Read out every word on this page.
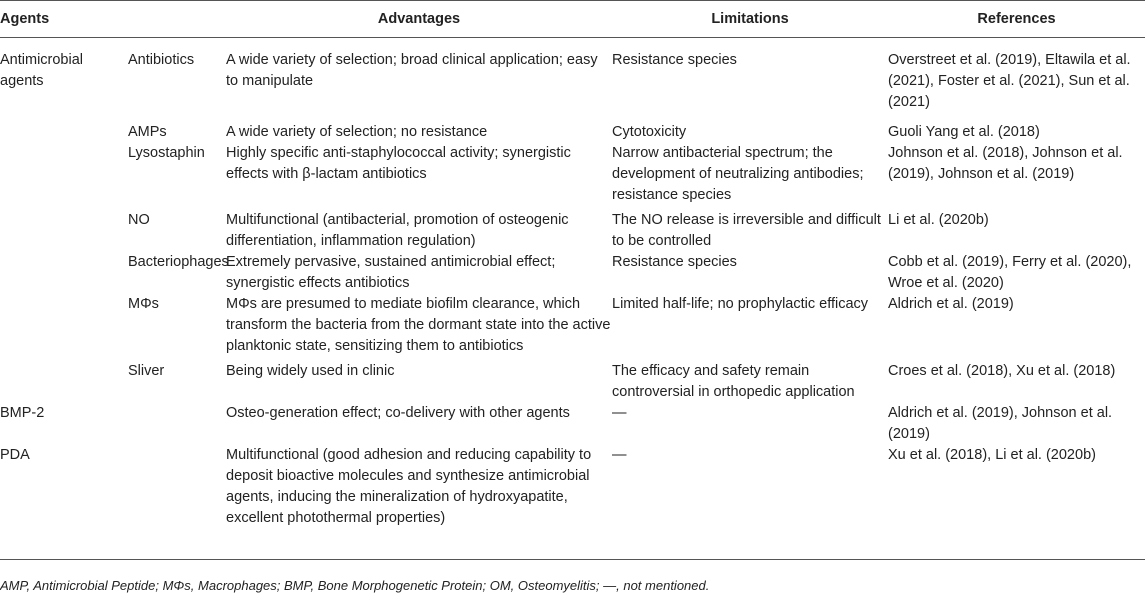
Agents		Advantages	Limitations	References
Antimicrobial agents	Antibiotics	A wide variety of selection; broad clinical application; easy to manipulate	Resistance species	Overstreet et al. (2019), Eltawila et al. (2021), Foster et al. (2021), Sun et al. (2021)
	AMPs	A wide variety of selection; no resistance	Cytotoxicity	Guoli Yang et al. (2018)
	Lysostaphin	Highly specific anti-staphylococcal activity; synergistic effects with β-lactam antibiotics	Narrow antibacterial spectrum; the development of neutralizing antibodies; resistance species	Johnson et al. (2018), Johnson et al. (2019), Johnson et al. (2019)
	NO	Multifunctional (antibacterial, promotion of osteogenic differentiation, inflammation regulation)	The NO release is irreversible and difficult to be controlled	Li et al. (2020b)
	Bacteriophages	Extremely pervasive, sustained antimicrobial effect; synergistic effects antibiotics	Resistance species	Cobb et al. (2019), Ferry et al. (2020), Wroe et al. (2020)
	MΦs	MΦs are presumed to mediate biofilm clearance, which transform the bacteria from the dormant state into the active planktonic state, sensitizing them to antibiotics	Limited half-life; no prophylactic efficacy	Aldrich et al. (2019)
	Sliver	Being widely used in clinic	The efficacy and safety remain controversial in orthopedic application	Croes et al. (2018), Xu et al. (2018)
BMP-2		Osteo-generation effect; co-delivery with other agents	—	Aldrich et al. (2019), Johnson et al. (2019)
PDA		Multifunctional (good adhesion and reducing capability to deposit bioactive molecules and synthesize antimicrobial agents, inducing the mineralization of hydroxyapatite, excellent photothermal properties)	—	Xu et al. (2018), Li et al. (2020b)
AMP, Antimicrobial Peptide; MΦs, Macrophages; BMP, Bone Morphogenetic Protein; OM, Osteomyelitis; —, not mentioned.
